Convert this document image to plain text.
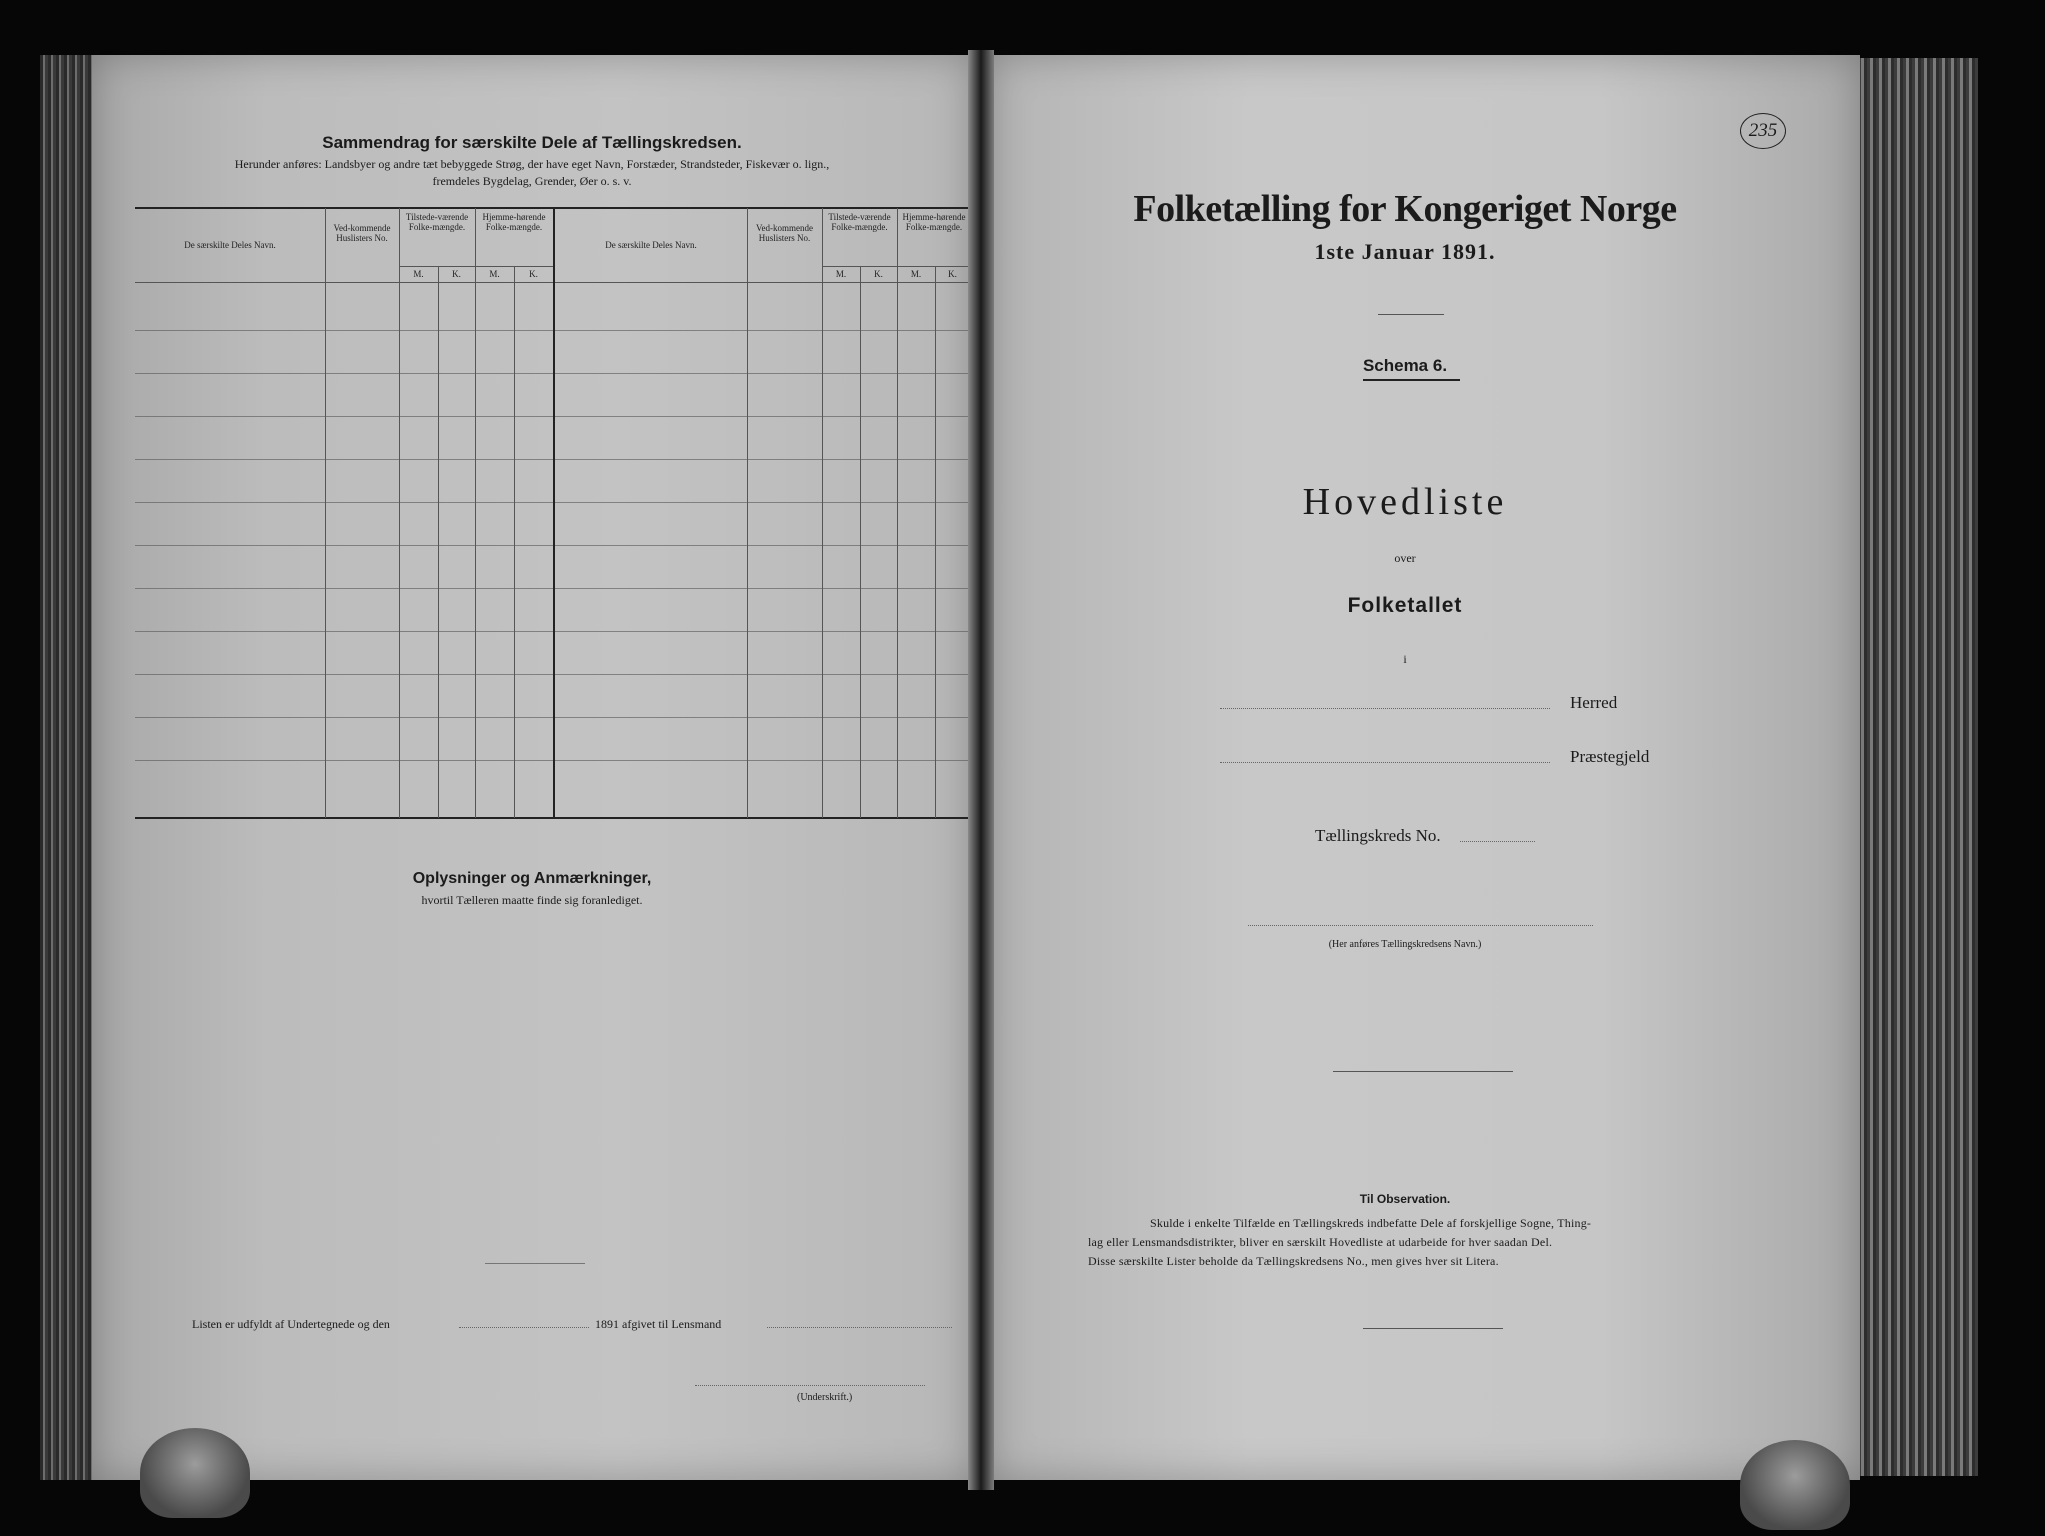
Sammendrag for særskilte Dele af Tællingskredsen.
Herunder anføres: Landsbyer og andre tæt bebyggede Strøg, der have eget Navn, Forstæder, Strandsteder, Fiskevær o. lign.,
fremdeles Bygdelag, Grender, Øer o. s. v.
De særskilte Deles Navn.
Ved-kommende Huslisters No.
Tilstede-værende Folke-mængde.
Hjemme-hørende Folke-mængde.
M.	K.	M.	K.
De særskilte Deles Navn.
Ved-kommende Huslisters No.
Tilstede-værende Folke-mængde.
Hjemme-hørende Folke-mængde.
M.	K.	M.	K.
Oplysninger og Anmærkninger,
hvortil Tælleren maatte finde sig foranlediget.
Listen er udfyldt af Undertegnede og den	1891 afgivet til Lensmand
(Underskrift.)
235
Folketælling for Kongeriget Norge
1ste Januar 1891.
Schema 6.
Hovedliste
over
Folketallet
i
Herred
Præstegjeld
Tællingskreds No.
(Her anføres Tællingskredsens Navn.)
Til Observation.
Skulde i enkelte Tilfælde en Tællingskreds indbefatte Dele af forskjellige Sogne, Thing-
lag eller Lensmandsdistrikter, bliver en særskilt Hovedliste at udarbeide for hver saadan Del.
Disse særskilte Lister beholde da Tællingskredsens No., men gives hver sit Litera.
